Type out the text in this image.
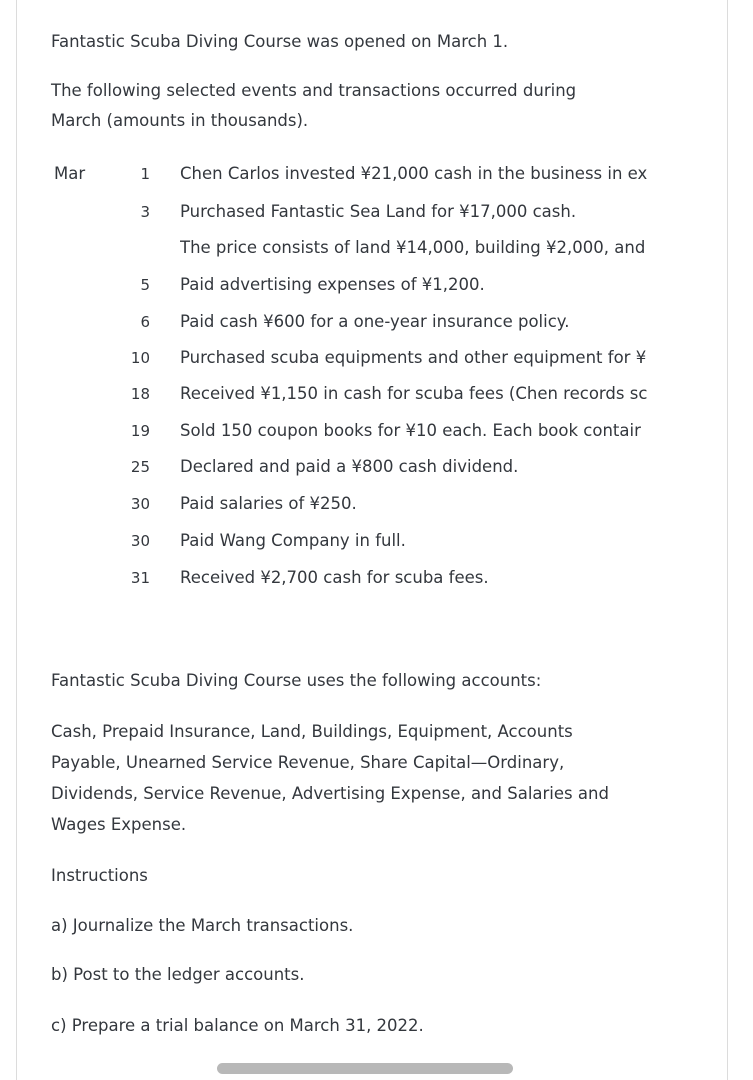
Fantastic Scuba Diving Course was opened on March 1.
The following selected events and transactions occurred during
March (amounts in thousands).
Mar	1 Chen Carlos invested ¥21,000 cash in the business in ex
3 Purchased Fantastic Sea Land for ¥17,000 cash.
The price consists of land ¥14,000, building ¥2,000, and
5 Paid advertising expenses of ¥1,200.
6 Paid cash ¥600 for a one-year insurance policy.
10 Purchased scuba equipments and other equipment for ¥
18 Received ¥1,150 in cash for scuba fees (Chen records sc
19 Sold 150 coupon books for ¥10 each. Each book contair
25 Declared and paid a ¥800 cash dividend.
30 Paid salaries of ¥250.
30 Paid Wang Company in full.
31 Received ¥2,700 cash for scuba fees.
Fantastic Scuba Diving Course uses the following accounts:
Cash, Prepaid Insurance, Land, Buildings, Equipment, Accounts
Payable, Unearned Service Revenue, Share Capital—Ordinary,
Dividends, Service Revenue, Advertising Expense, and Salaries and
Wages Expense.
Instructions
a) Journalize the March transactions.
b) Post to the ledger accounts.
c) Prepare a trial balance on March 31, 2022.
